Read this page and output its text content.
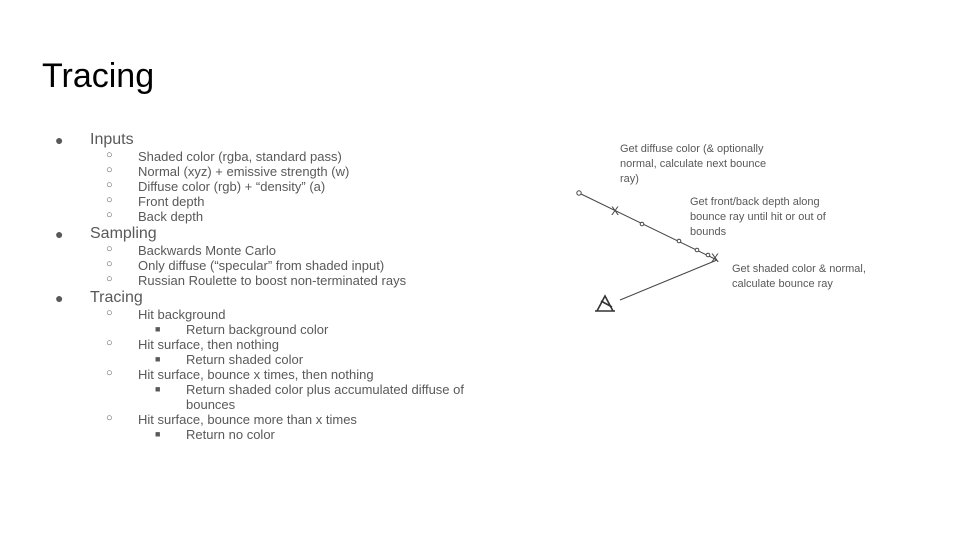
Tracing
● Inputs
○ Shaded color (rgba, standard pass)
○ Normal (xyz) + emissive strength (w)
○ Diffuse color (rgb) + “density” (a)
○ Front depth
○ Back depth
● Sampling
○ Backwards Monte Carlo
○ Only diffuse (“specular” from shaded input)
○ Russian Roulette to boost non-terminated rays
● Tracing
○ Hit background
■ Return background color
○ Hit surface, then nothing
■ Return shaded color
○ Hit surface, bounce x times, then nothing
■ Return shaded color plus accumulated diffuse of
bounces
○ Hit surface, bounce more than x times
■ Return no color
X
X
Get diffuse color (& optionally
normal, calculate next bounce
ray)
Get front/back depth along
bounce ray until hit or out of
bounds
Get shaded color & normal,
calculate bounce ray
